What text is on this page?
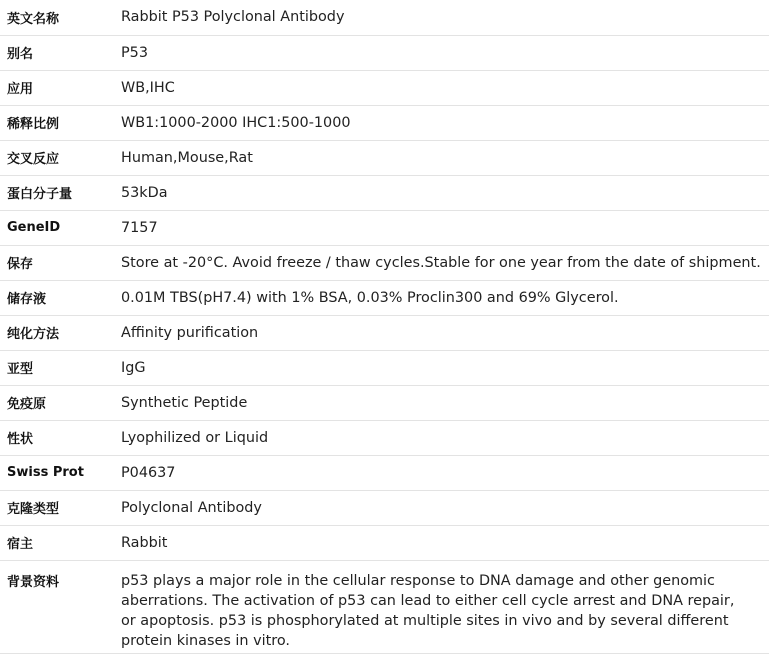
英文名称	Rabbit P53 Polyclonal Antibody
别名	P53
应用	WB,IHC
稀释比例	WB1:1000-2000 IHC1:500-1000
交叉反应	Human,Mouse,Rat
蛋白分子量	53kDa
GeneID	7157
保存	Store at -20°C. Avoid freeze / thaw cycles.Stable for one year from the date of shipment.
储存液	0.01M TBS(pH7.4) with 1% BSA, 0.03% Proclin300 and 69% Glycerol.
纯化方法	Affinity purification
亚型	IgG
免疫原	Synthetic Peptide
性状	Lyophilized or Liquid
Swiss Prot	P04637
克隆类型	Polyclonal Antibody
宿主	Rabbit
背景资料	p53 plays a major role in the cellular response to DNA damage and other genomic aberrations. The activation of p53 can lead to either cell cycle arrest and DNA repair, or apoptosis. p53 is phosphorylated at multiple sites in vivo and by several different protein kinases in vitro.
